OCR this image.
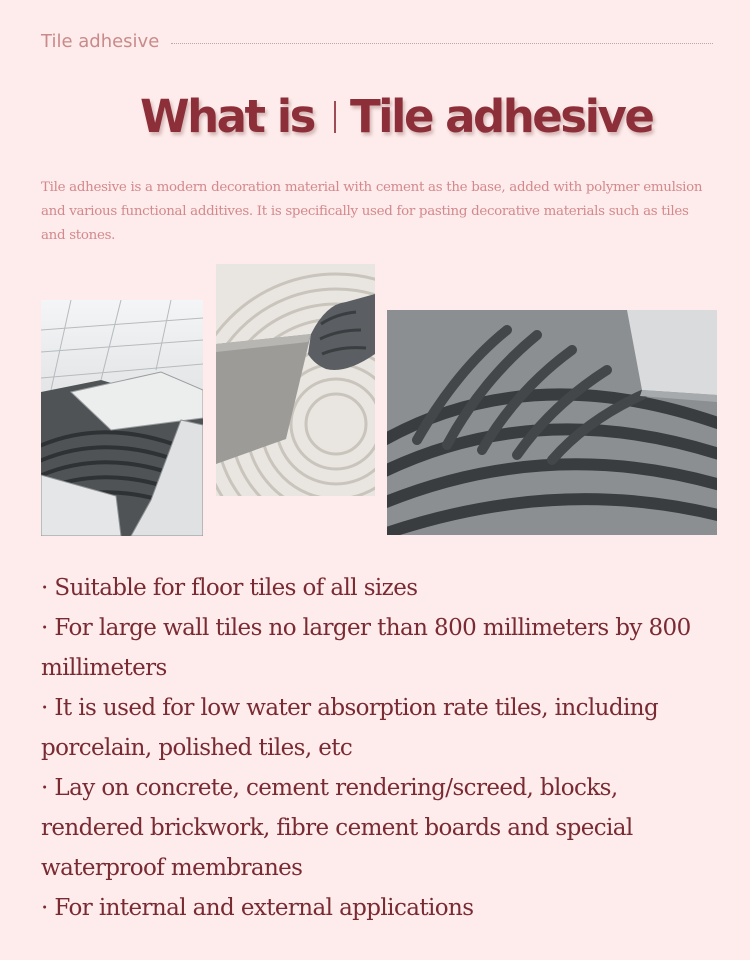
Tile adhesive
What is Tile adhesive

Tile adhesive is a modern decoration material with cement as the base, added with polymer emulsion and various functional additives. It is specifically used for pasting decorative materials such as tiles and stones.

· Suitable for floor tiles of all sizes
· For large wall tiles no larger than 800 millimeters by 800 millimeters
· It is used for low water absorption rate tiles, including porcelain, polished tiles, etc
· Lay on concrete, cement rendering/screed, blocks, rendered brickwork, fibre cement boards and special waterproof membranes
· For internal and external applications
